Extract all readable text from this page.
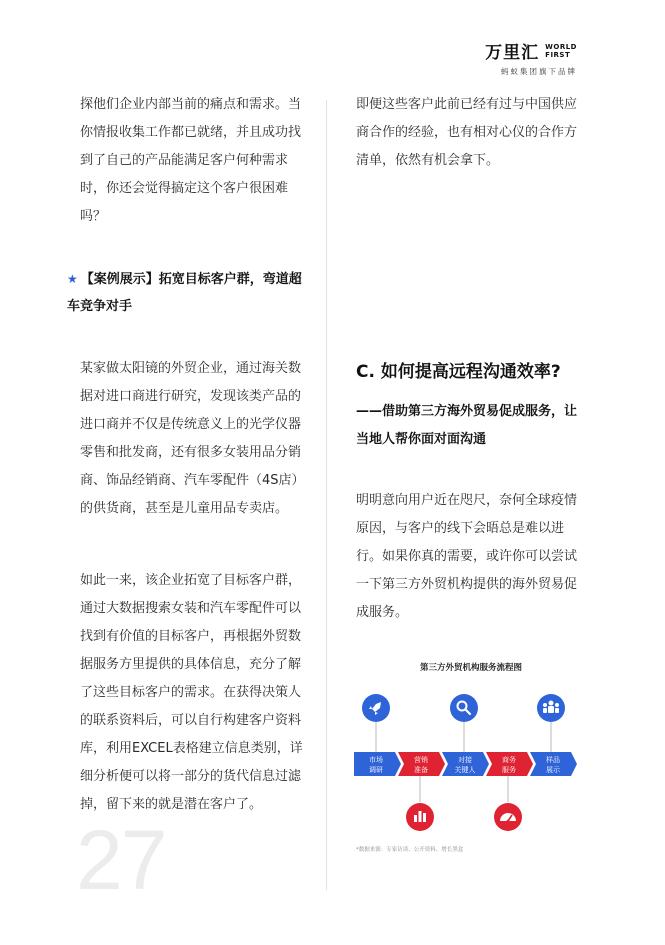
万里汇 WORLD
FIRST
蚂蚁集团旗下品牌

探他们企业内部当前的痛点和需求。当你情报收集工作都已就绪，并且成功找到了自己的产品能满足客户何种需求时，你还会觉得搞定这个客户很困难吗？

★ 【案例展示】拓宽目标客户群，弯道超车竞争对手

某家做太阳镜的外贸企业，通过海关数据对进口商进行研究，发现该类产品的进口商并不仅是传统意义上的光学仪器零售和批发商，还有很多女装用品分销商、饰品经销商、汽车零配件（4S店）的供货商，甚至是儿童用品专卖店。

如此一来，该企业拓宽了目标客户群，通过大数据搜索女装和汽车零配件可以找到有价值的目标客户，再根据外贸数据服务方里提供的具体信息，充分了解了这些目标客户的需求。在获得决策人的联系资料后，可以自行构建客户资料库，利用EXCEL表格建立信息类别，详细分析便可以将一部分的货代信息过滤掉，留下来的就是潜在客户了。

即便这些客户此前已经有过与中国供应商合作的经验，也有相对心仪的合作方清单，依然有机会拿下。

C. 如何提高远程沟通效率?
——借助第三方海外贸易促成服务，让当地人帮你面对面沟通

明明意向用户近在咫尺，奈何全球疫情原因，与客户的线下会晤总是难以进行。如果你真的需要，或许你可以尝试一下第三方外贸机构提供的海外贸易促成服务。

第三方外贸机构服务流程图
市场
调研
营销
准备
对接
关键人
商务
服务
样品
展示
*数据来源：专家访谈、公开资料、增长黑盒
27
